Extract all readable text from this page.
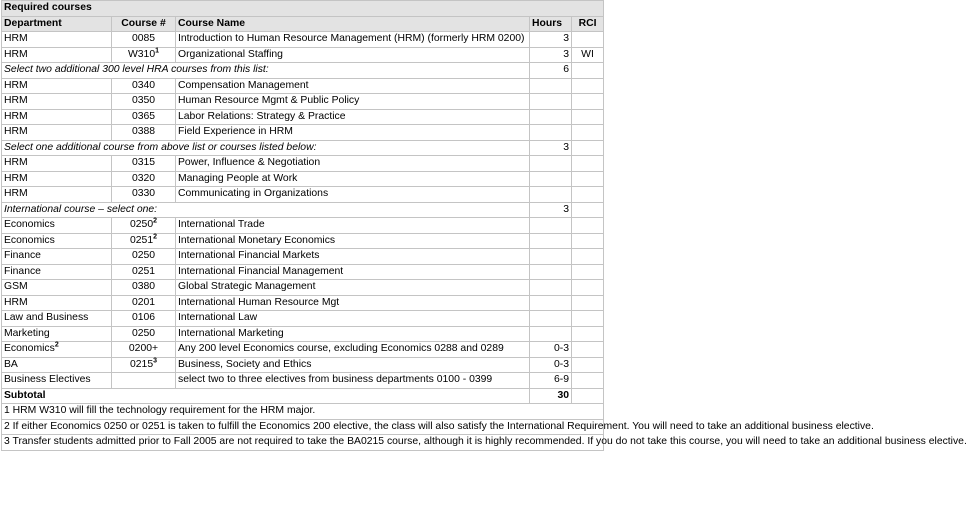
Required courses				
Department	Course #	Course Name	Hours	RCI
HRM	0085	Introduction to Human Resource Management (HRM) (formerly HRM 0200)	3	
HRM	$W310^1$	Organizational Staffing	3	WI
Select two additional 300 level HRA courses from this list:			6	
HRM	0340	Compensation Management		
HRM	0350	Human Resource Mgmt & Public Policy		
HRM	0365	Labor Relations: Strategy & Practice		
HRM	0388	Field Experience in HRM		
Select one additional course from above list or courses listed below:			3	
HRM	0315	Power, Influence & Negotiation		
HRM	0320	Managing People at Work		
HRM	0330	Communicating in Organizations		
International course – select one:			3	
Economics	0250$^2$	International Trade		
Economics	0251$^2$	International Monetary Economics		
Finance	0250	International Financial Markets		
Finance	0251	International Financial Management		
GSM	0380	Global Strategic Management		
HRM	0201	International Human Resource Mgt		
Law and Business	0106	International Law		
Marketing	0250	International Marketing		
Economics$^2$	0200+	Any 200 level Economics course, excluding Economics 0288 and 0289	0-3	
BA	0215$^3$	Business, Society and Ethics	0-3	
Business Electives		select two to three electives from business departments 0100 - 0399	6-9	
Subtotal			30	
1 HRM W310 will fill the technology requirement for the HRM major.				
2 If either Economics 0250 or 0251 is taken to fulfill the Economics 200 elective, the class will also satisfy the International Requirement. You will need to take an additional business elective.				
3 Transfer students admitted prior to Fall 2005 are not required to take the BA0215 course, although it is highly recommended. If you do not take this course, you will need to take an additional business elective.				
